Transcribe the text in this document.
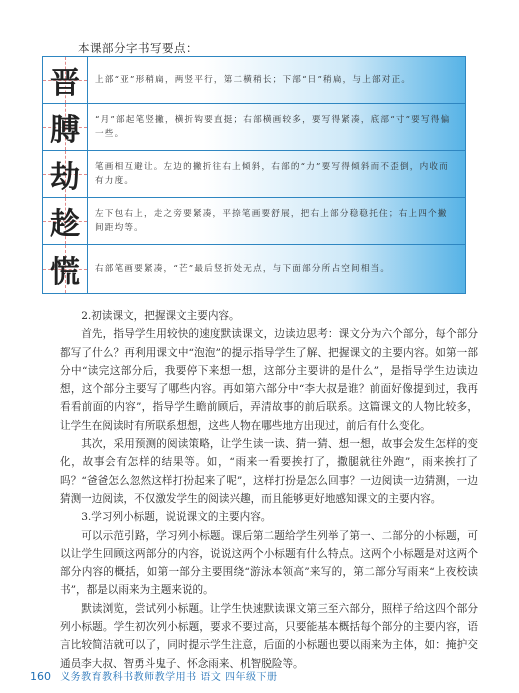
本课部分字书写要点：
晋	上部“亚”形稍扁，两竖平行，第二横稍长；下部“日”稍扁，与上部对正。
膊	“月”部起笔竖撇，横折钩要直挺；右部横画较多，要写得紧凑，底部“寸”要写得偏一些。
劫	笔画相互避让。左边的撇折往右上倾斜，右部的“力”要写得倾斜而不歪倒，内收而有力度。
趁	左下包右上，走之旁要紧凑，平捺笔画要舒展，把右上部分稳稳托住；右上四个撇间距均等。
慌	右部笔画要紧凑，“芒”最后竖折处无点，与下面部分所占空间相当。

2.初读课文，把握课文主要内容。

首先，指导学生用较快的速度默读课文，边读边思考：课文分为六个部分，每个部分都写了什么？再利用课文中“泡泡”的提示指导学生了解、把握课文的主要内容。如第一部分中“读完这部分后，我要停下来想一想，这部分主要讲的是什么”，是指导学生边读边想，这个部分主要写了哪些内容。再如第六部分中“李大叔是谁？前面好像提到过，我再看看前面的内容”，指导学生瞻前顾后，弄清故事的前后联系。这篇课文的人物比较多，让学生在阅读时有所联系想想，这些人物在哪些地方出现过，前后有什么变化。

其次，采用预测的阅读策略，让学生读一读、猜一猜、想一想，故事会发生怎样的变化，故事会有怎样的结果等。如，“雨来一看要挨打了，撒腿就往外跑”，雨来挨打了吗？“爸爸怎么忽然这样打扮起来了呢”，这样打扮是怎么回事？一边阅读一边猜测，一边猜测一边阅读，不仅激发学生的阅读兴趣，而且能够更好地感知课文的主要内容。

3.学习列小标题，说说课文的主要内容。

可以示范引路，学习列小标题。课后第二题给学生列举了第一、二部分的小标题，可以让学生回顾这两部分的内容，说说这两个小标题有什么特点。这两个小标题是对这两个部分内容的概括，如第一部分主要围绕“游泳本领高”来写的，第二部分写雨来“上夜校读书”，都是以雨来为主题来说的。

默读浏览，尝试列小标题。让学生快速默读课文第三至六部分，照样子给这四个部分列小标题。学生初次列小标题，要求不要过高，只要能基本概括每个部分的主要内容，语言比较简洁就可以了，同时提示学生注意，后面的小标题也要以雨来为主体，如：掩护交通员李大叔、智勇斗鬼子、怀念雨来、机智脱险等。

160 义务教育教科书教师教学用书 语文 四年级下册
